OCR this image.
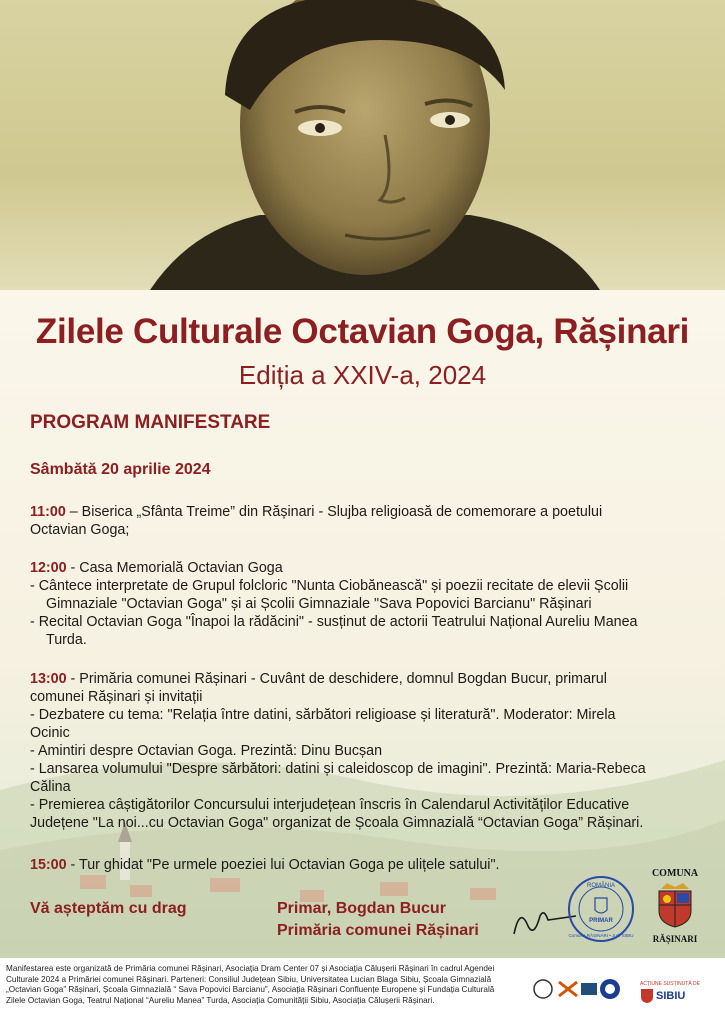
Zilele Culturale Octavian Goga, Rășinari
Ediția a XXIV-a, 2024
PROGRAM MANIFESTARE
Sâmbătă 20 aprilie 2024
11:00 – Biserica „Sfânta Treime” din Rășinari - Slujba religioasă de comemorare a poetului
Octavian Goga;
12:00 - Casa Memorială Octavian Goga
- Cântece interpretate de Grupul folcloric "Nunta Ciobănească" și poezii recitate de elevii Școlii
Gimnaziale "Octavian Goga" și ai Școlii Gimnaziale "Sava Popovici Barcianu" Rășinari
- Recital Octavian Goga "Înapoi la rădăcini" - susținut de actorii Teatrului Național Aureliu Manea
Turda.
13:00 - Primăria comunei Rășinari - Cuvânt de deschidere, domnul Bogdan Bucur, primarul
comunei Rășinari și invitații
- Dezbatere cu tema: "Relația între datini, sărbători religioase și literatură". Moderator: Mirela
Ocinic
- Amintiri despre Octavian Goga. Prezintă: Dinu Bucșan
- Lansarea volumului "Despre sărbători: datini și caleidoscop de imagini". Prezintă: Maria-Rebeca
Călina
- Premierea câștigătorilor Concursului interjudețean înscris în Calendarul Activităților Educative
Județene "La noi...cu Octavian Goga" organizat de Școala Gimnazială “Octavian Goga” Rășinari.
15:00 - Tur ghidat "Pe urmele poeziei lui Octavian Goga pe ulițele satului".
Vă așteptăm cu drag	Primar, Bogdan Bucur
Primăria comunei Rășinari
ROMÂNIA
PRIMAR
Comuna RĂȘINARI • Jud. SIBIU
COMUNA
RĂȘINARI
Manifestarea este organizată de Primăria comunei Rășinari, Asociația Dram Center 07 și Asociația Călușerii Rășinari în cadrul Agendei Culturale 2024 a Primăriei comunei Rășinari. Parteneri: Consiliul Județean Sibiu, Universitatea Lucian Blaga Sibiu, Școala Gimnazială „Octavian Goga” Rășinari, Școala Gimnazială “ Sava Popovici Barcianu”, Asociația Rășinari Confluențe Europene și Fundația Culturală Zilele Octavian Goga, Teatrul Național “Aureliu Manea” Turda, Asociația Comunității Sibiu, Asociația Călușerii Rășinari.
ACȚIUNE SUSȚINUTĂ DE
SIBIU
